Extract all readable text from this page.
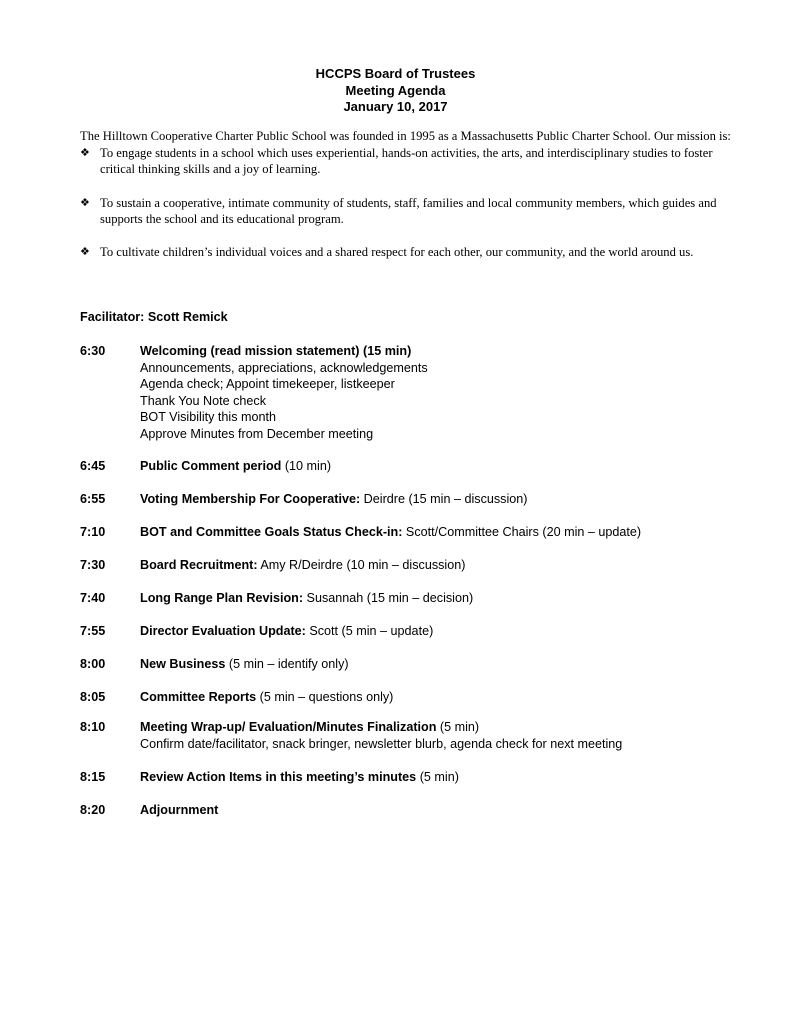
HCCPS Board of Trustees
Meeting Agenda
January 10, 2017

The Hilltown Cooperative Charter Public School was founded in 1995 as a Massachusetts Public Charter School. Our mission is:

❖ To engage students in a school which uses experiential, hands-on activities, the arts, and interdisciplinary studies to foster critical thinking skills and a joy of learning.
❖ To sustain a cooperative, intimate community of students, staff, families and local community members, which guides and supports the school and its educational program.
❖ To cultivate children’s individual voices and a shared respect for each other, our community, and the world around us.
Facilitator: Scott Remick
6:30	Welcoming (read mission statement) (15 min)
Announcements, appreciations, acknowledgements
Agenda check; Appoint timekeeper, listkeeper
Thank You Note check
BOT Visibility this month
Approve Minutes from December meeting
6:45	Public Comment period (10 min)
6:55	Voting Membership For Cooperative: Deirdre (15 min – discussion)
7:10	BOT and Committee Goals Status Check-in: Scott/Committee Chairs (20 min – update)
7:30	Board Recruitment: Amy R/Deirdre (10 min – discussion)
7:40	Long Range Plan Revision: Susannah (15 min – decision)
7:55	Director Evaluation Update: Scott (5 min – update)
8:00	New Business (5 min – identify only)
8:05	Committee Reports (5 min – questions only)
8:10	Meeting Wrap-up/ Evaluation/Minutes Finalization (5 min)
Confirm date/facilitator, snack bringer, newsletter blurb, agenda check for next meeting
8:15	Review Action Items in this meeting’s minutes (5 min)
8:20	Adjournment
